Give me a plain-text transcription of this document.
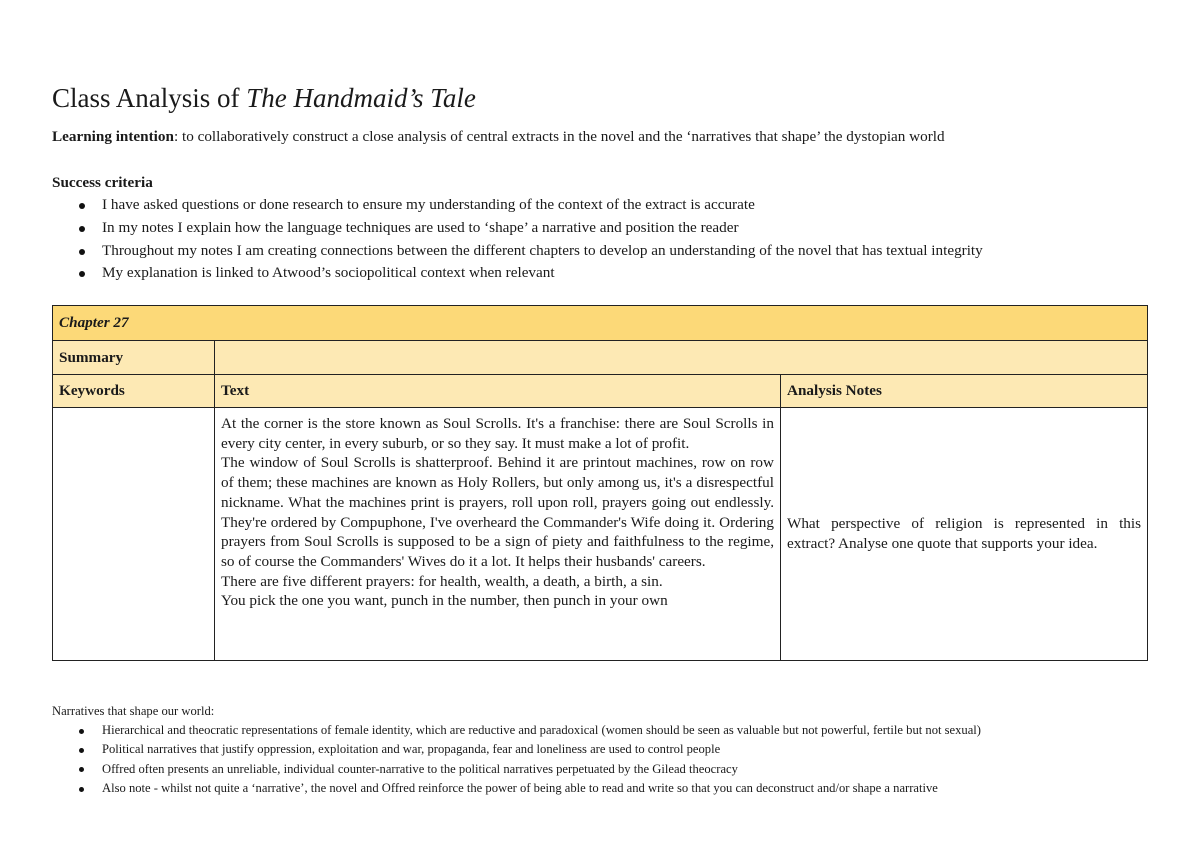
Class Analysis of The Handmaid’s Tale
Learning intention: to collaboratively construct a close analysis of central extracts in the novel and the ‘narratives that shape’ the dystopian world
Success criteria
I have asked questions or done research to ensure my understanding of the context of the extract is accurate
In my notes I explain how the language techniques are used to ‘shape’ a narrative and position the reader
Throughout my notes I am creating connections between the different chapters to develop an understanding of the novel that has textual integrity
My explanation is linked to Atwood’s sociopolitical context when relevant
Chapter 27		
Summary		
Keywords	Text	Analysis Notes

	At the corner is the store known as Soul Scrolls. It's a franchise: there are Soul Scrolls in every city center, in every suburb, or so they say. It must make a lot of profit.

The window of Soul Scrolls is shatterproof. Behind it are printout machines, row on row of them; these machines are known as Holy Rollers, but only among us, it's a disrespectful nickname. What the machines print is prayers, roll upon roll, prayers going out endlessly. They're ordered by Compuphone, I've overheard the Commander's Wife doing it. Ordering prayers from Soul Scrolls is supposed to be a sign of piety and faithfulness to the regime, so of course the Commanders' Wives do it a lot. It helps their husbands' careers.

There are five different prayers: for health, wealth, a death, a birth, a sin.

You pick the one you want, punch in the number, then punch in your own	What perspective of religion is represented in this extract? Analyse one quote that supports your idea.
Narratives that shape our world:
Hierarchical and theocratic representations of female identity, which are reductive and paradoxical (women should be seen as valuable but not powerful, fertile but not sexual)
Political narratives that justify oppression, exploitation and war, propaganda, fear and loneliness are used to control people
Offred often presents an unreliable, individual counter-narrative to the political narratives perpetuated by the Gilead theocracy
Also note - whilst not quite a ‘narrative’, the novel and Offred reinforce the power of being able to read and write so that you can deconstruct and/or shape a narrative
